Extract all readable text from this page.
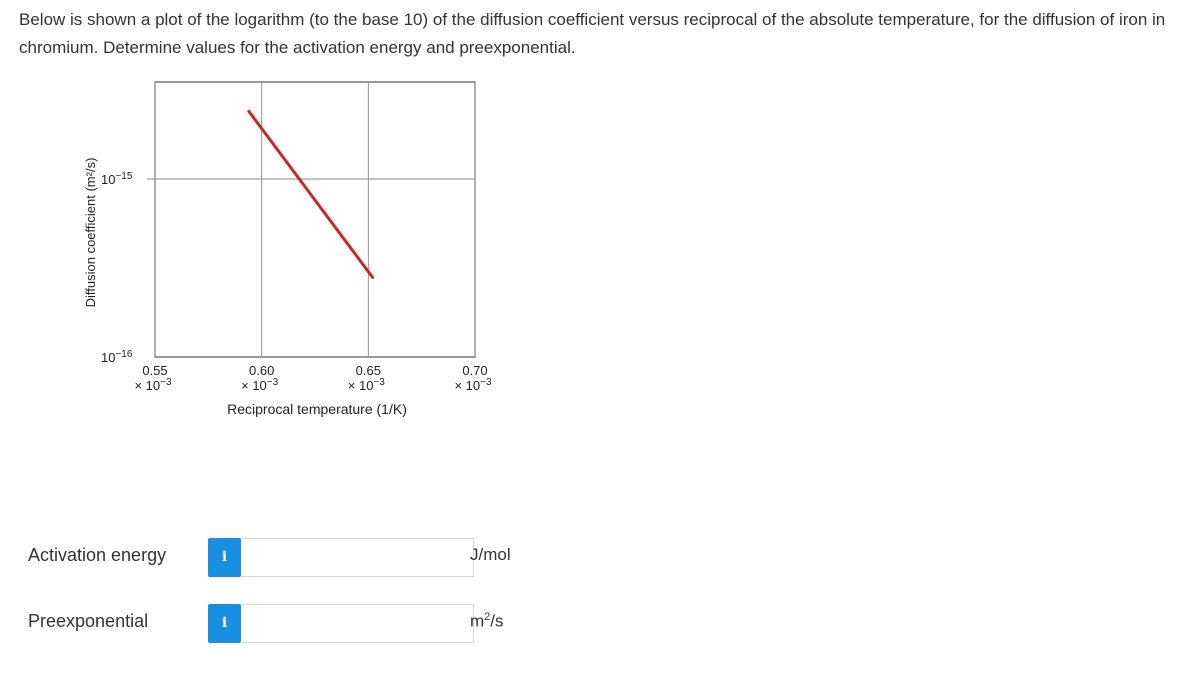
Below is shown a plot of the logarithm (to the base 10) of the diffusion coefficient versus reciprocal of the absolute temperature, for the diffusion of iron in chromium. Determine values for the activation energy and preexponential.
$10^{-15}$
$10^{-16}$
0.55
× $10^{-3}$
0.60
× $10^{-3}$
0.65
× $10^{-3}$
0.70
× $10^{-3}$
Reciprocal temperature (1/K)
Diffusion coefficient (m²/s)
Activation energy	i	J/mol
Preexponential	i	$m^2/s$
